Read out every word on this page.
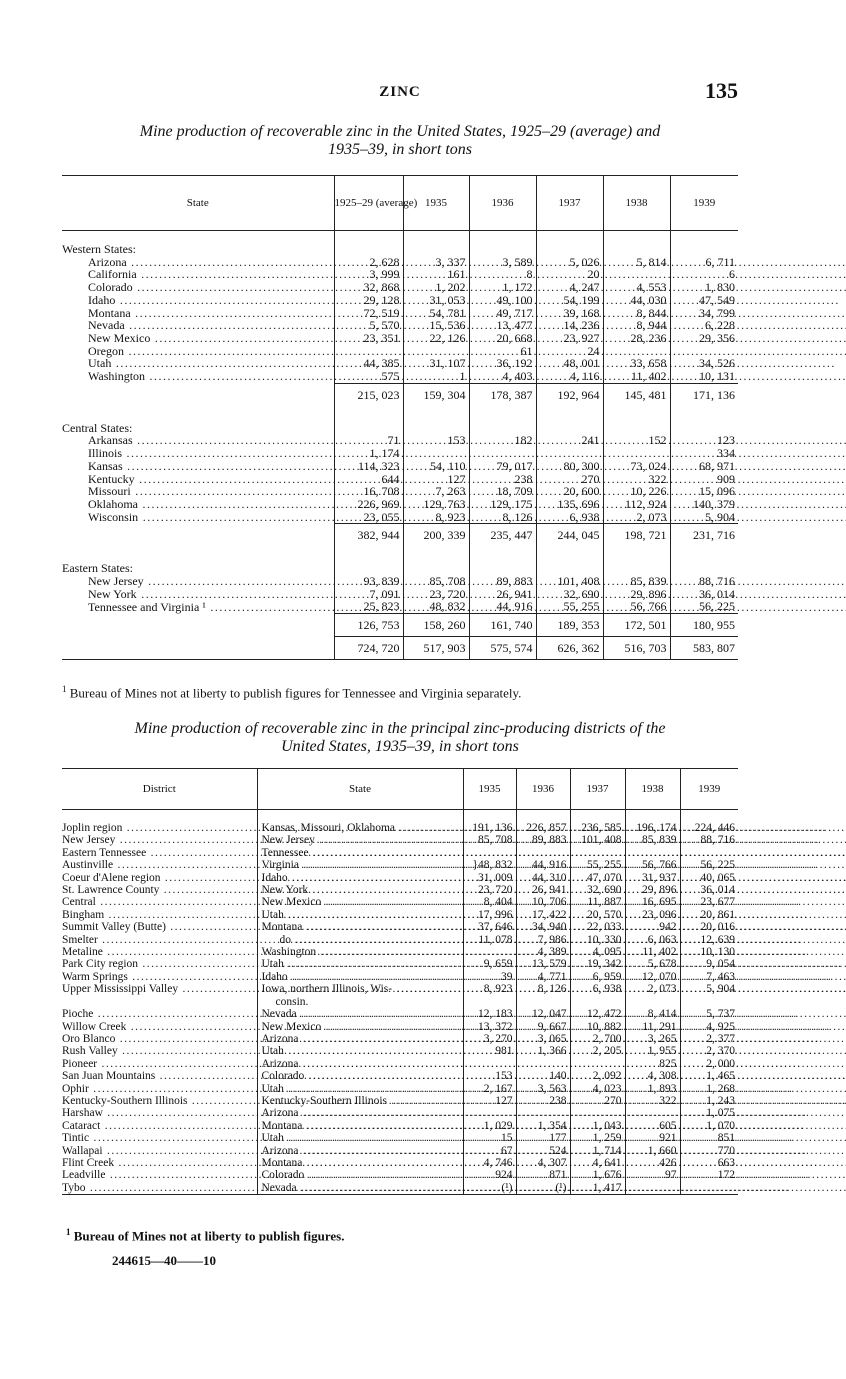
ZINC	135
Mine production of recoverable zinc in the United States, 1925–29 (average) and
1935–39, in short tons
State	1925–29 (average)	1935	1936	1937	1938	1939

Western States:						
Arizona .....	2, 628	3, 337	3, 589	5, 026	5, 814	6, 711
California .....	3, 999	161	8	20		6
Colorado .....	32, 868	1, 202	1, 172	4, 247	4, 553	1, 830
Idaho .....	29, 128	31, 053	49, 100	54, 199	44, 030	47, 549
Montana .....	72, 519	54, 781	49, 717	39, 168	8, 844	34, 799
Nevada .....	5, 570	15, 536	13, 477	14, 236	8, 944	6, 228
New Mexico .....	23, 351	22, 126	20, 668	23, 927	28, 236	29, 356
Oregon .....			61	24		
Utah .....	44, 385	31, 107	36, 192	48, 001	33, 658	34, 526
Washington .....	575	1	4, 403	4, 116	11, 402	10, 131
	215, 023	159, 304	178, 387	192, 964	145, 481	171, 136

Central States:						
Arkansas .....	71	153	182	241	152	123
Illinois .....	1, 174					334
Kansas .....	114, 323	54, 110	79, 017	80, 300	73, 024	68, 971
Kentucky .....	644	127	238	270	322	909
Missouri .....	16, 708	7, 263	18, 709	20, 600	10, 226	15, 096
Oklahoma .....	226, 969	129, 763	129, 175	135, 696	112, 924	140, 379
Wisconsin .....	23, 055	8, 923	8, 126	6, 938	2, 073	5, 904
	382, 944	200, 339	235, 447	244, 045	198, 721	231, 716

Eastern States:						
New Jersey .....	93, 839	85, 708	89, 883	101, 408	85, 839	88, 716
New York .....	7, 091	23, 720	26, 941	32, 690	29, 896	36, 014
Tennessee and Virginia ¹ .....	25, 823	48, 832	44, 916	55, 255	56, 766	56, 225
	126, 753	158, 260	161, 740	189, 353	172, 501	180, 955
	724, 720	517, 903	575, 574	626, 362	516, 703	583, 807
$^1$ Bureau of Mines not at liberty to publish figures for Tennessee and Virginia separately.
Mine production of recoverable zinc in the principal zinc-producing districts of the
United States, 1935–39, in short tons
District	State	1935	1936	1937	1938	1939

Joplin region .....	Kansas, Missouri, Oklahoma .....	191, 136	226, 857	236, 585	196, 174	224, 446
New Jersey .....	New Jersey .....	85, 708	89, 883	101, 408	85, 839	88, 716
Eastern Tennessee .....	Tennessee .....					
Austinville .....	Virginia .....	}48, 832	44, 916	55, 255	56, 766	56, 225
Coeur d'Alene region .....	Idaho .....	31, 009	44, 310	47, 070	31, 937	40, 065
St. Lawrence County .....	New York .....	23, 720	26, 941	32, 690	29, 896	36, 014
Central .....	New Mexico .....	8, 404	10, 706	11, 887	16, 695	23, 677
Bingham .....	Utah .....	17, 996	17, 422	20, 570	23, 096	20, 861
Summit Valley (Butte) .....	Montana .....	37, 646	34, 940	22, 033	942	20, 016
Smelter .....	do .....	11, 078	7, 986	10, 330	6, 063	12, 639
Metaline .....	Washington .....		4, 389	4, 095	11, 402	10, 130
Park City region .....	Utah .....	9, 659	13, 579	19, 342	5, 678	9, 054
Warm Springs .....	Idaho .....	39	4, 771	6, 959	12, 070	7, 463
Upper Mississippi Valley .....	Iowa, northern Illinois, Wis- .....	8, 923	8, 126	6, 938	2, 073	5, 904
	consin.					
Pioche .....	Nevada .....	12, 183	12, 047	12, 472	8, 414	5, 737
Willow Creek .....	New Mexico .....	13, 372	9, 667	10, 882	11, 291	4, 925
Oro Blanco .....	Arizona .....	3, 270	3, 065	2, 700	3, 265	2, 377
Rush Valley .....	Utah .....	981	1, 366	2, 205	1, 955	2, 370
Pioneer .....	Arizona .....				825	2, 000
San Juan Mountains .....	Colorado .....	153	140	2, 092	4, 308	1, 465
Ophir .....	Utah .....	2, 167	3, 563	4, 023	1, 893	1, 268
Kentucky-Southern Illinois .....	Kentucky-Southern Illinois .....	127	238	270	322	1, 243
Harshaw .....	Arizona .....					1, 075
Cataract .....	Montana .....	1, 029	1, 354	1, 043	605	1, 070
Tintic .....	Utah .....	15	177	1, 259	921	851
Wallapai .....	Arizona .....	67	524	1, 714	1, 660	770
Flint Creek .....	Montana .....	4, 746	4, 307	4, 641	426	663
Leadville .....	Colorado .....	924	871	1, 676	97	172
Tybo .....	Nevada .....	(¹)	(¹)	1, 417		
$^1$ Bureau of Mines not at liberty to publish figures.
244615—40——10
